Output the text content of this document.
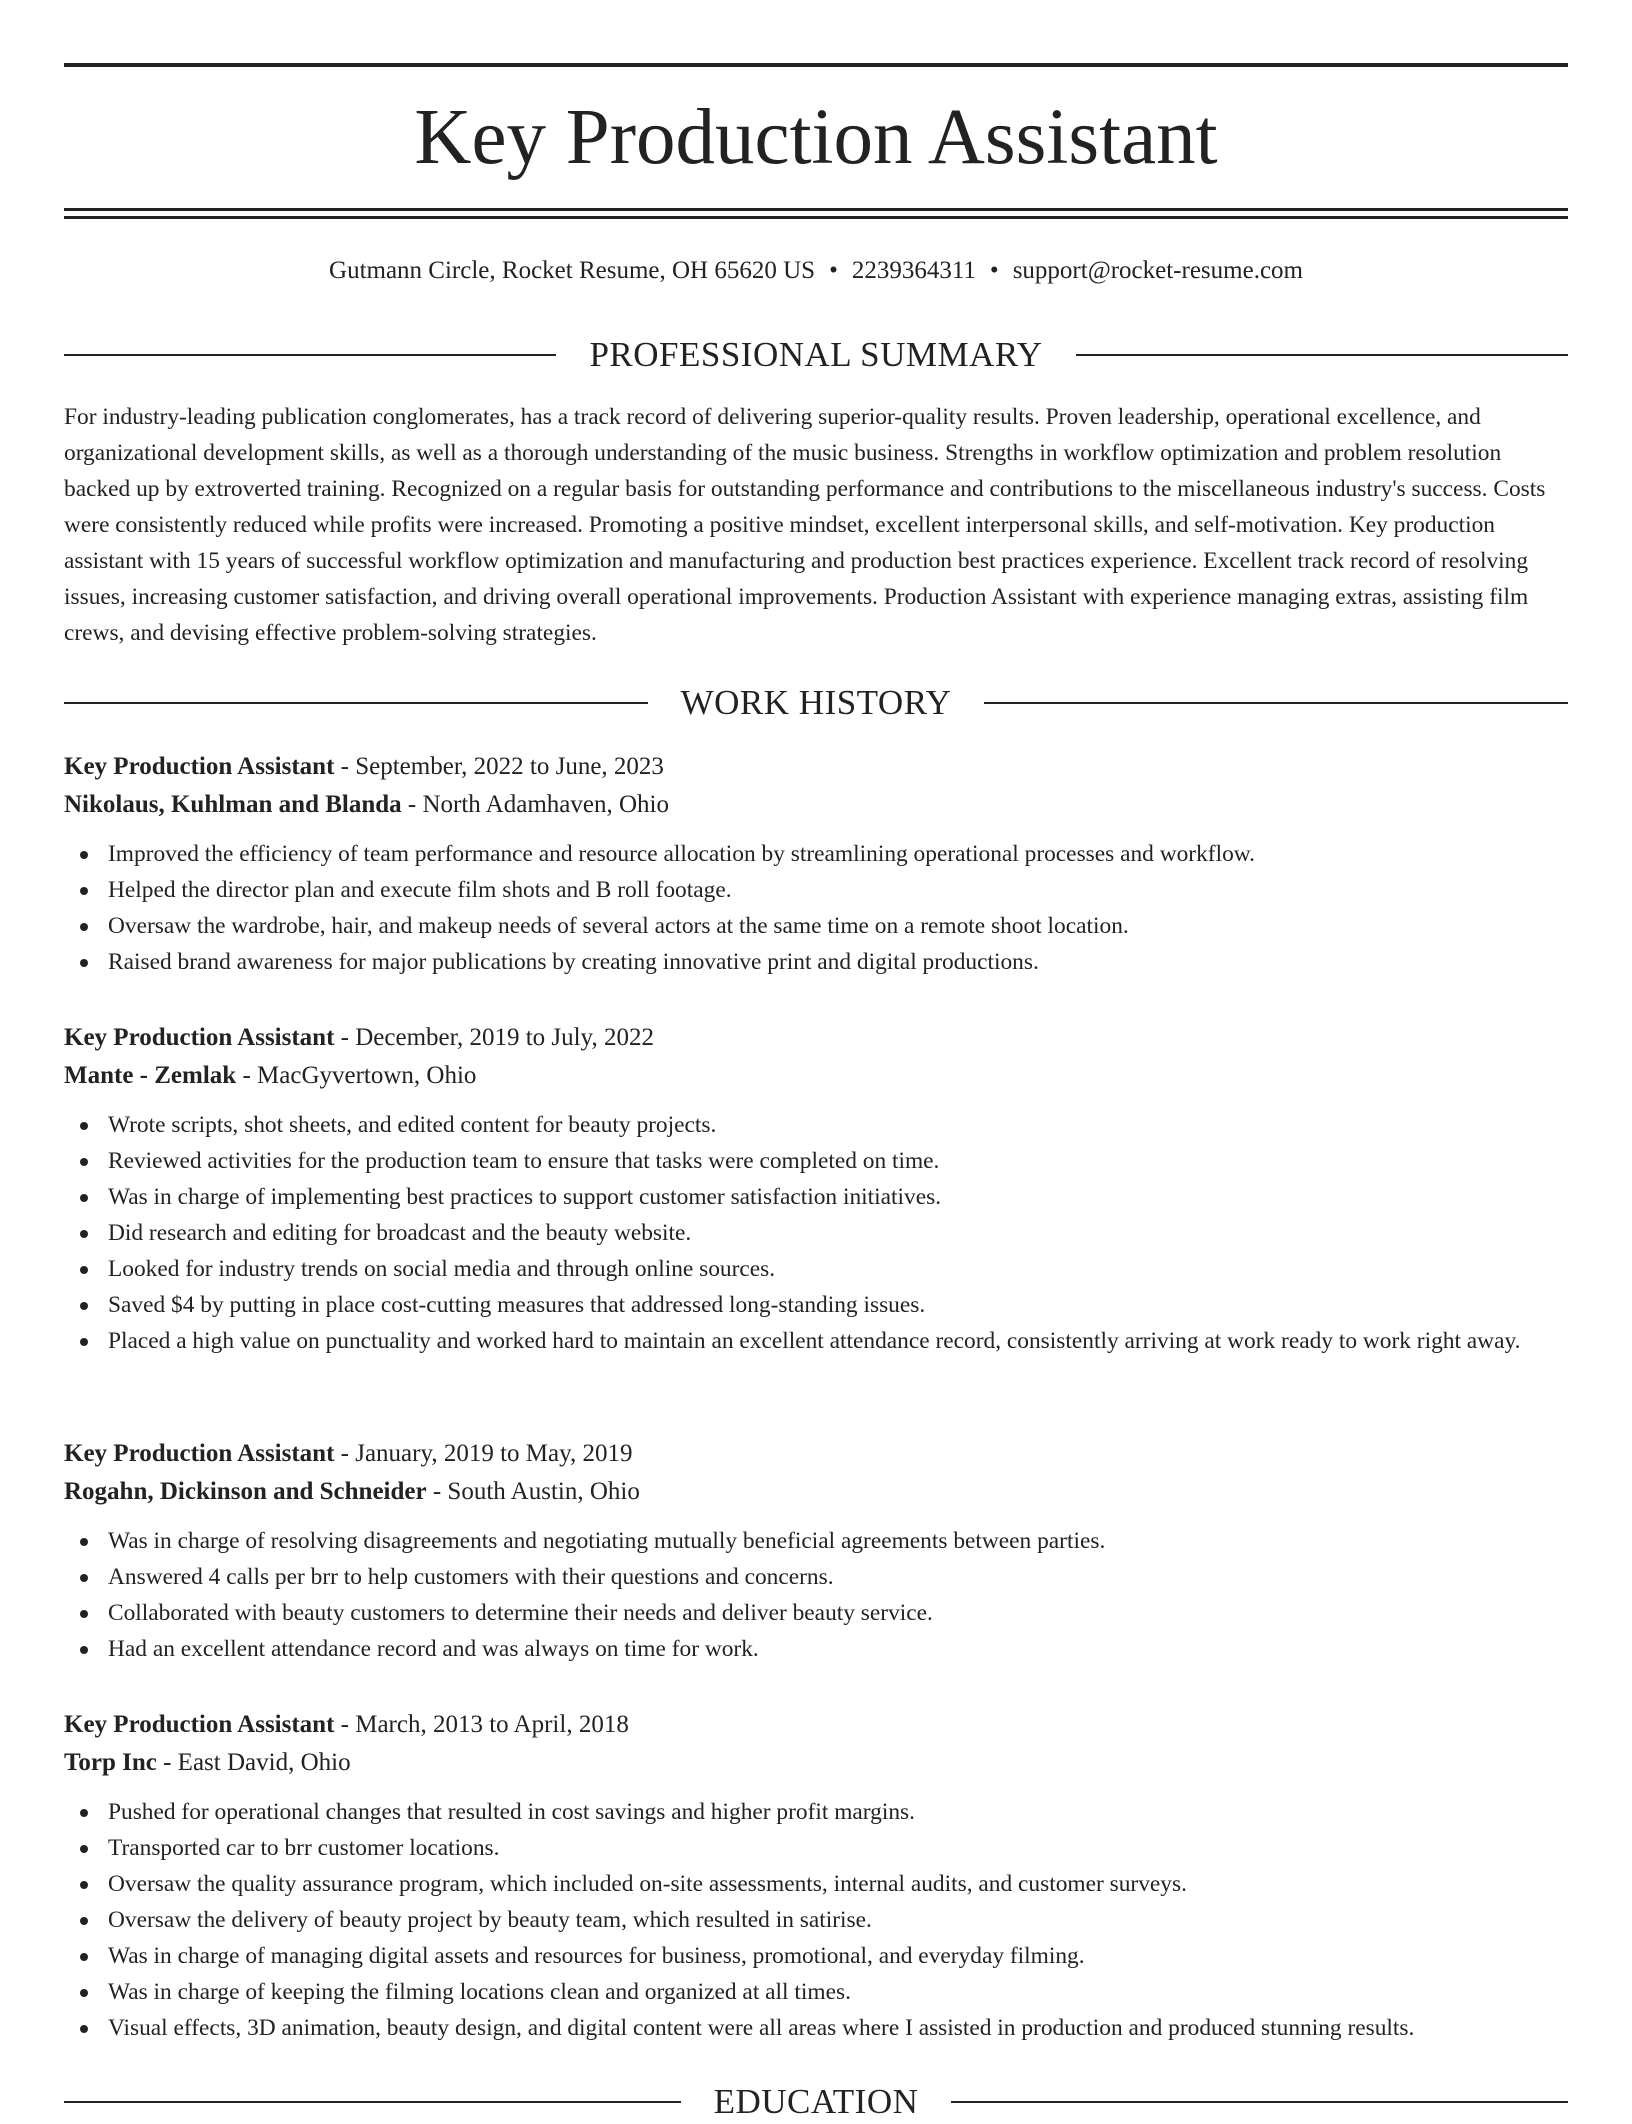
Key Production Assistant
Gutmann Circle, Rocket Resume, OH 65620 US • 2239364311 • support@rocket-resume.com
PROFESSIONAL SUMMARY

For industry-leading publication conglomerates, has a track record of delivering superior-quality results. Proven leadership, operational excellence, and organizational development skills, as well as a thorough understanding of the music business. Strengths in workflow optimization and problem resolution backed up by extroverted training. Recognized on a regular basis for outstanding performance and contributions to the miscellaneous industry's success. Costs were consistently reduced while profits were increased. Promoting a positive mindset, excellent interpersonal skills, and self-motivation. Key production assistant with 15 years of successful workflow optimization and manufacturing and production best practices experience. Excellent track record of resolving issues, increasing customer satisfaction, and driving overall operational improvements. Production Assistant with experience managing extras, assisting film crews, and devising effective problem-solving strategies.

WORK HISTORY
Key Production Assistant - September, 2022 to June, 2023
Nikolaus, Kuhlman and Blanda - North Adamhaven, Ohio
Improved the efficiency of team performance and resource allocation by streamlining operational processes and workflow.
Helped the director plan and execute film shots and B roll footage.
Oversaw the wardrobe, hair, and makeup needs of several actors at the same time on a remote shoot location.
Raised brand awareness for major publications by creating innovative print and digital productions.
Key Production Assistant - December, 2019 to July, 2022
Mante - Zemlak - MacGyvertown, Ohio
Wrote scripts, shot sheets, and edited content for beauty projects.
Reviewed activities for the production team to ensure that tasks were completed on time.
Was in charge of implementing best practices to support customer satisfaction initiatives.
Did research and editing for broadcast and the beauty website.
Looked for industry trends on social media and through online sources.
Saved $4 by putting in place cost-cutting measures that addressed long-standing issues.
Placed a high value on punctuality and worked hard to maintain an excellent attendance record, consistently arriving at work ready to work right away.
Key Production Assistant - January, 2019 to May, 2019
Rogahn, Dickinson and Schneider - South Austin, Ohio
Was in charge of resolving disagreements and negotiating mutually beneficial agreements between parties.
Answered 4 calls per brr to help customers with their questions and concerns.
Collaborated with beauty customers to determine their needs and deliver beauty service.
Had an excellent attendance record and was always on time for work.
Key Production Assistant - March, 2013 to April, 2018
Torp Inc - East David, Ohio
Pushed for operational changes that resulted in cost savings and higher profit margins.
Transported car to brr customer locations.
Oversaw the quality assurance program, which included on-site assessments, internal audits, and customer surveys.
Oversaw the delivery of beauty project by beauty team, which resulted in satirise.
Was in charge of managing digital assets and resources for business, promotional, and everyday filming.
Was in charge of keeping the filming locations clean and organized at all times.
Visual effects, 3D animation, beauty design, and digital content were all areas where I assisted in production and produced stunning results.
EDUCATION
